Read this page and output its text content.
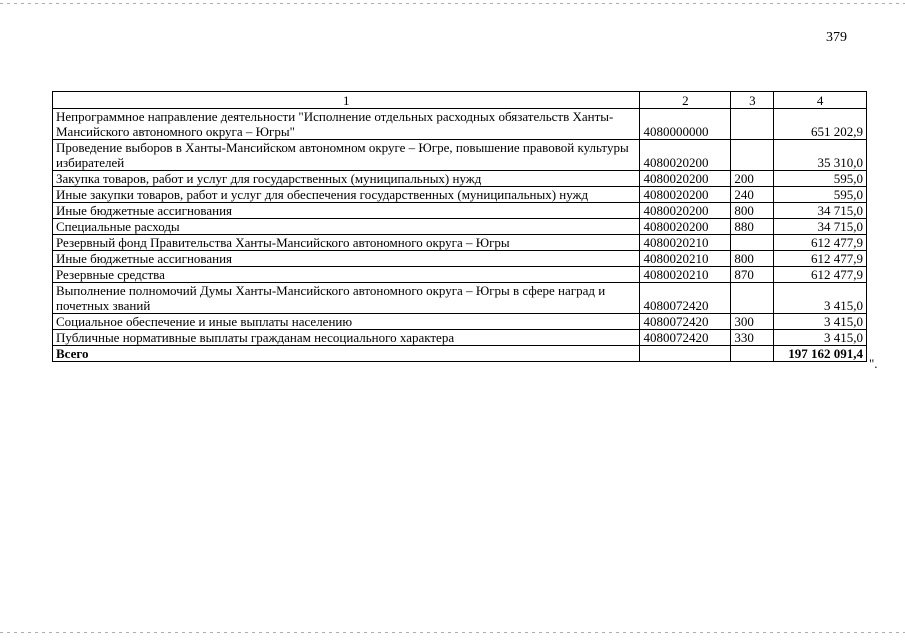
379
1	2	3	4
Непрограммное направление деятельности "Исполнение отдельных расходных обязательств Ханты-Мансийского автономного округа – Югры"	4080000000		651 202,9
Проведение выборов в Ханты-Мансийском автономном округе – Югре, повышение правовой культуры избирателей	4080020200		35 310,0
Закупка товаров, работ и услуг для государственных (муниципальных) нужд	4080020200	200	595,0
Иные закупки товаров, работ и услуг для обеспечения государственных (муниципальных) нужд	4080020200	240	595,0
Иные бюджетные ассигнования	4080020200	800	34 715,0
Специальные расходы	4080020200	880	34 715,0
Резервный фонд Правительства Ханты-Мансийского автономного округа – Югры	4080020210		612 477,9
Иные бюджетные ассигнования	4080020210	800	612 477,9
Резервные средства	4080020210	870	612 477,9
Выполнение полномочий Думы Ханты-Мансийского автономного округа – Югры в сфере наград и почетных званий	4080072420		3 415,0
Социальное обеспечение и иные выплаты населению	4080072420	300	3 415,0
Публичные нормативные выплаты гражданам несоциального характера	4080072420	330	3 415,0
Всего			197 162 091,4
".
